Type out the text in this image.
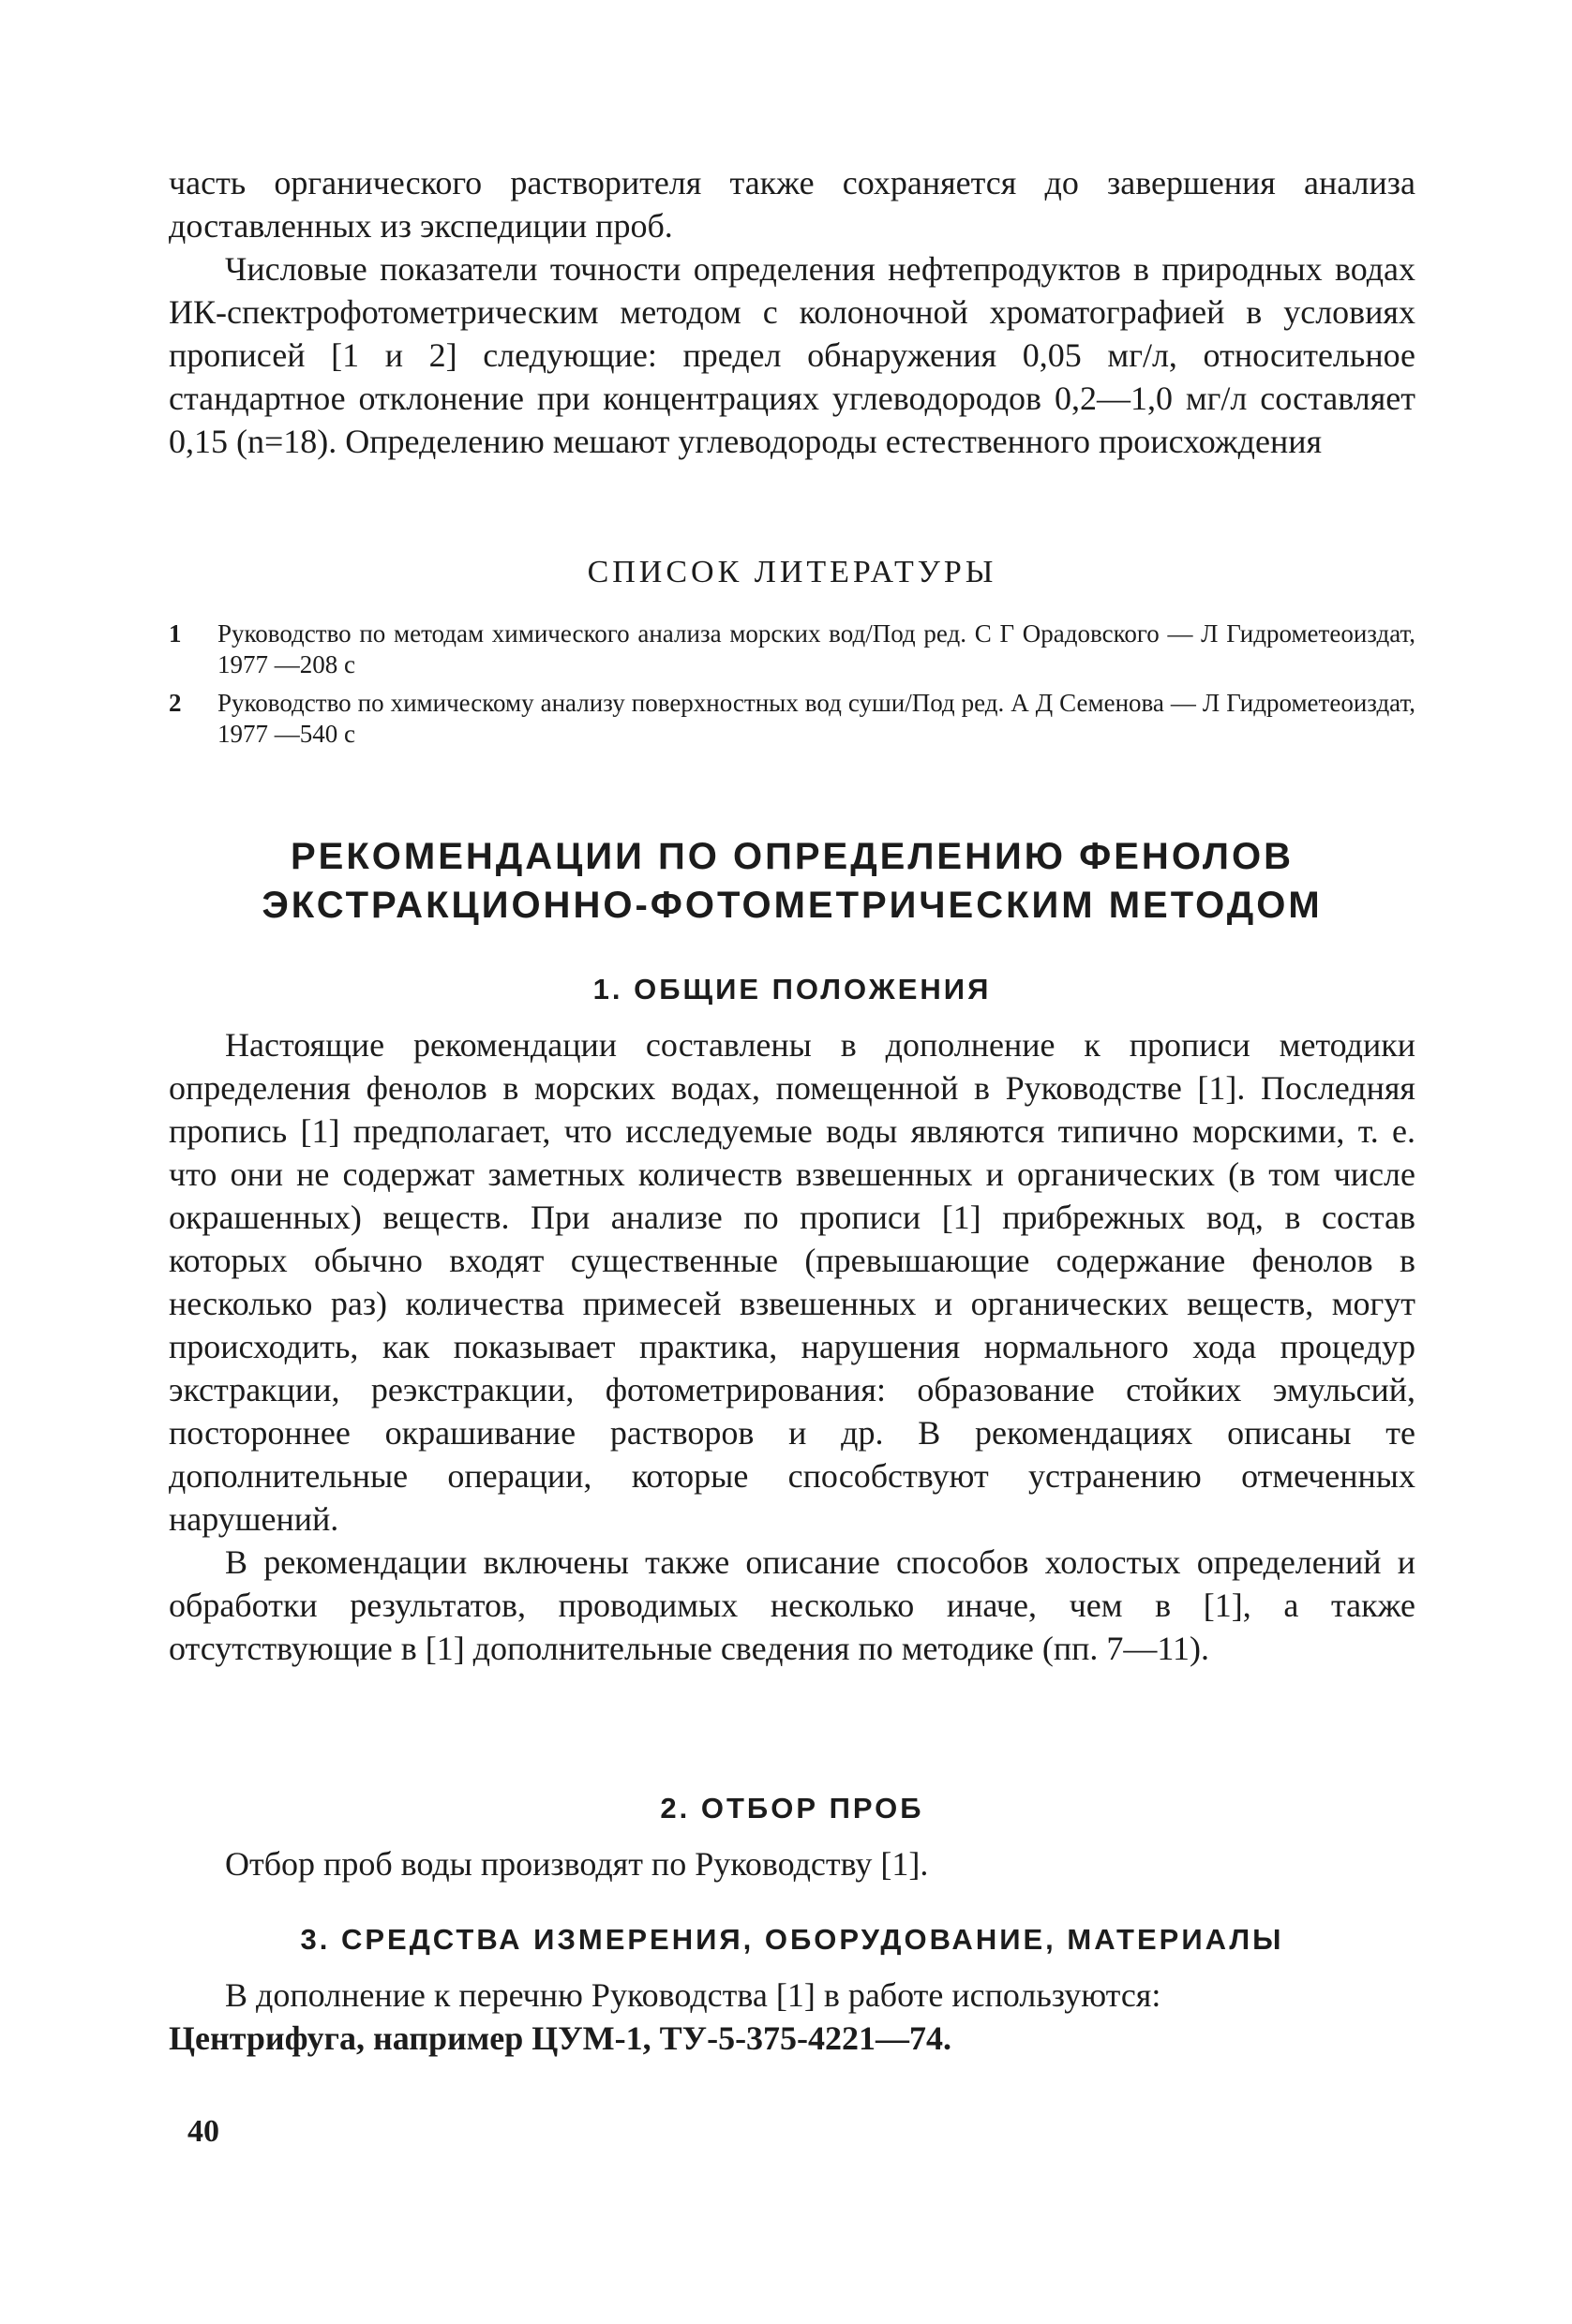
часть органического растворителя также сохраняется до завершения анализа доставленных из экспедиции проб.

Числовые показатели точности определения нефтепродуктов в природных водах ИК-спектрофотометрическим методом с колоночной хроматографией в условиях прописей [1 и 2] следующие: предел обнаружения 0,05 мг/л, относительное стандартное отклонение при концентрациях углеводородов 0,2—1,0 мг/л составляет 0,15 (n=18). Определению мешают углеводороды естественного происхождения

СПИСОК ЛИТЕРАТУРЫ
1 Руководство по методам химического анализа морских вод/Под ред. С Г Орадовского — Л Гидрометеоиздат, 1977 —208 с
2 Руководство по химическому анализу поверхностных вод суши/Под ред. А Д Семенова — Л Гидрометеоиздат, 1977 —540 с
РЕКОМЕНДАЦИИ ПО ОПРЕДЕЛЕНИЮ ФЕНОЛОВ
ЭКСТРАКЦИОННО-ФОТОМЕТРИЧЕСКИМ МЕТОДОМ
1. ОБЩИЕ ПОЛОЖЕНИЯ

Настоящие рекомендации составлены в дополнение к прописи методики определения фенолов в морских водах, помещенной в Руководстве [1]. Последняя пропись [1] предполагает, что исследуемые воды являются типично морскими, т. е. что они не содержат заметных количеств взвешенных и органических (в том числе окрашенных) веществ. При анализе по прописи [1] прибрежных вод, в состав которых обычно входят существенные (превышающие содержание фенолов в несколько раз) количества примесей взвешенных и органических веществ, могут происходить, как показывает практика, нарушения нормального хода процедур экстракции, реэкстракции, фотометрирования: образование стойких эмульсий, постороннее окрашивание растворов и др. В рекомендациях описаны те дополнительные операции, которые способствуют устранению отмеченных нарушений.

В рекомендации включены также описание способов холостых определений и обработки результатов, проводимых несколько иначе, чем в [1], а также отсутствующие в [1] дополнительные сведения по методике (пп. 7—11).

2. ОТБОР ПРОБ

Отбор проб воды производят по Руководству [1].

3. СРЕДСТВА ИЗМЕРЕНИЯ, ОБОРУДОВАНИЕ, МАТЕРИАЛЫ

В дополнение к перечню Руководства [1] в работе используются:

Центрифуга, например ЦУМ-1, ТУ-5-375-4221—74.

40
